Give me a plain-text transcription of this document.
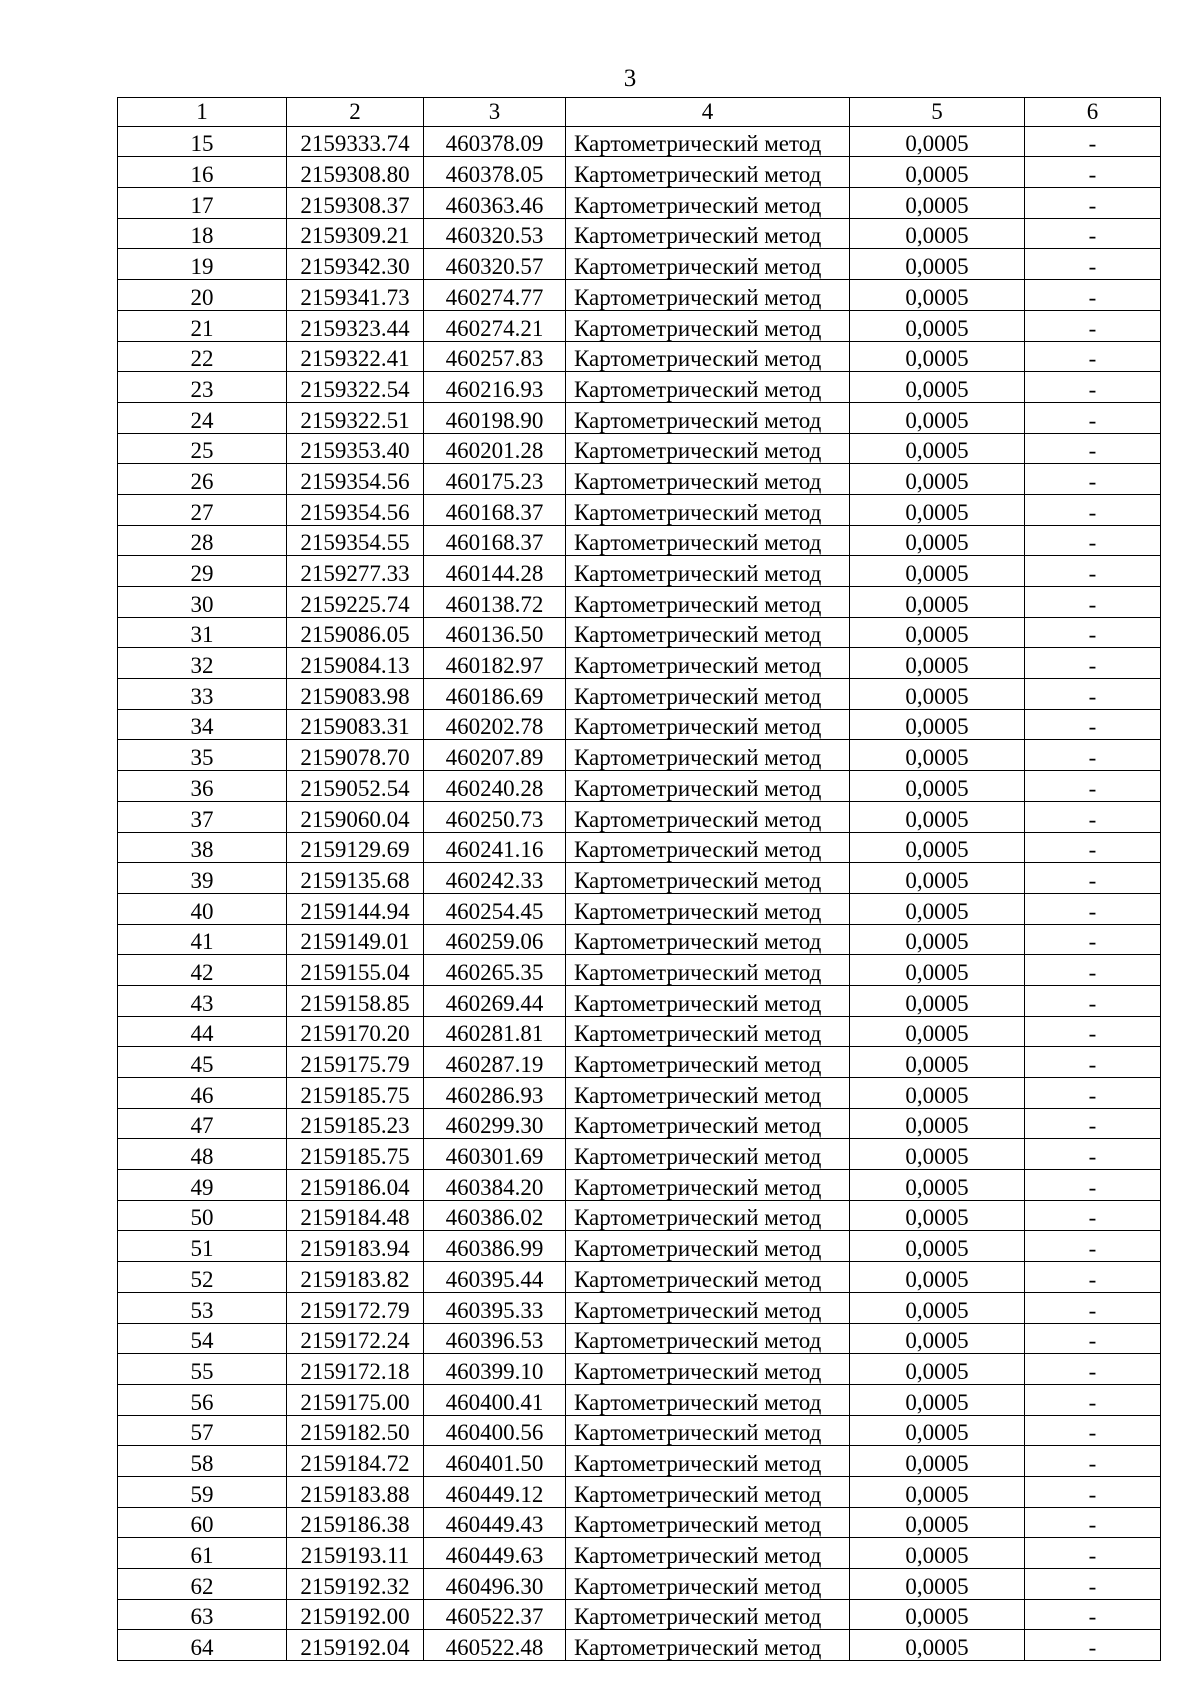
3
1	2	3	4	5	6
15	2159333.74	460378.09	Картометрический метод	0,0005	-
16	2159308.80	460378.05	Картометрический метод	0,0005	-
17	2159308.37	460363.46	Картометрический метод	0,0005	-
18	2159309.21	460320.53	Картометрический метод	0,0005	-
19	2159342.30	460320.57	Картометрический метод	0,0005	-
20	2159341.73	460274.77	Картометрический метод	0,0005	-
21	2159323.44	460274.21	Картометрический метод	0,0005	-
22	2159322.41	460257.83	Картометрический метод	0,0005	-
23	2159322.54	460216.93	Картометрический метод	0,0005	-
24	2159322.51	460198.90	Картометрический метод	0,0005	-
25	2159353.40	460201.28	Картометрический метод	0,0005	-
26	2159354.56	460175.23	Картометрический метод	0,0005	-
27	2159354.56	460168.37	Картометрический метод	0,0005	-
28	2159354.55	460168.37	Картометрический метод	0,0005	-
29	2159277.33	460144.28	Картометрический метод	0,0005	-
30	2159225.74	460138.72	Картометрический метод	0,0005	-
31	2159086.05	460136.50	Картометрический метод	0,0005	-
32	2159084.13	460182.97	Картометрический метод	0,0005	-
33	2159083.98	460186.69	Картометрический метод	0,0005	-
34	2159083.31	460202.78	Картометрический метод	0,0005	-
35	2159078.70	460207.89	Картометрический метод	0,0005	-
36	2159052.54	460240.28	Картометрический метод	0,0005	-
37	2159060.04	460250.73	Картометрический метод	0,0005	-
38	2159129.69	460241.16	Картометрический метод	0,0005	-
39	2159135.68	460242.33	Картометрический метод	0,0005	-
40	2159144.94	460254.45	Картометрический метод	0,0005	-
41	2159149.01	460259.06	Картометрический метод	0,0005	-
42	2159155.04	460265.35	Картометрический метод	0,0005	-
43	2159158.85	460269.44	Картометрический метод	0,0005	-
44	2159170.20	460281.81	Картометрический метод	0,0005	-
45	2159175.79	460287.19	Картометрический метод	0,0005	-
46	2159185.75	460286.93	Картометрический метод	0,0005	-
47	2159185.23	460299.30	Картометрический метод	0,0005	-
48	2159185.75	460301.69	Картометрический метод	0,0005	-
49	2159186.04	460384.20	Картометрический метод	0,0005	-
50	2159184.48	460386.02	Картометрический метод	0,0005	-
51	2159183.94	460386.99	Картометрический метод	0,0005	-
52	2159183.82	460395.44	Картометрический метод	0,0005	-
53	2159172.79	460395.33	Картометрический метод	0,0005	-
54	2159172.24	460396.53	Картометрический метод	0,0005	-
55	2159172.18	460399.10	Картометрический метод	0,0005	-
56	2159175.00	460400.41	Картометрический метод	0,0005	-
57	2159182.50	460400.56	Картометрический метод	0,0005	-
58	2159184.72	460401.50	Картометрический метод	0,0005	-
59	2159183.88	460449.12	Картометрический метод	0,0005	-
60	2159186.38	460449.43	Картометрический метод	0,0005	-
61	2159193.11	460449.63	Картометрический метод	0,0005	-
62	2159192.32	460496.30	Картометрический метод	0,0005	-
63	2159192.00	460522.37	Картометрический метод	0,0005	-
64	2159192.04	460522.48	Картометрический метод	0,0005	-
